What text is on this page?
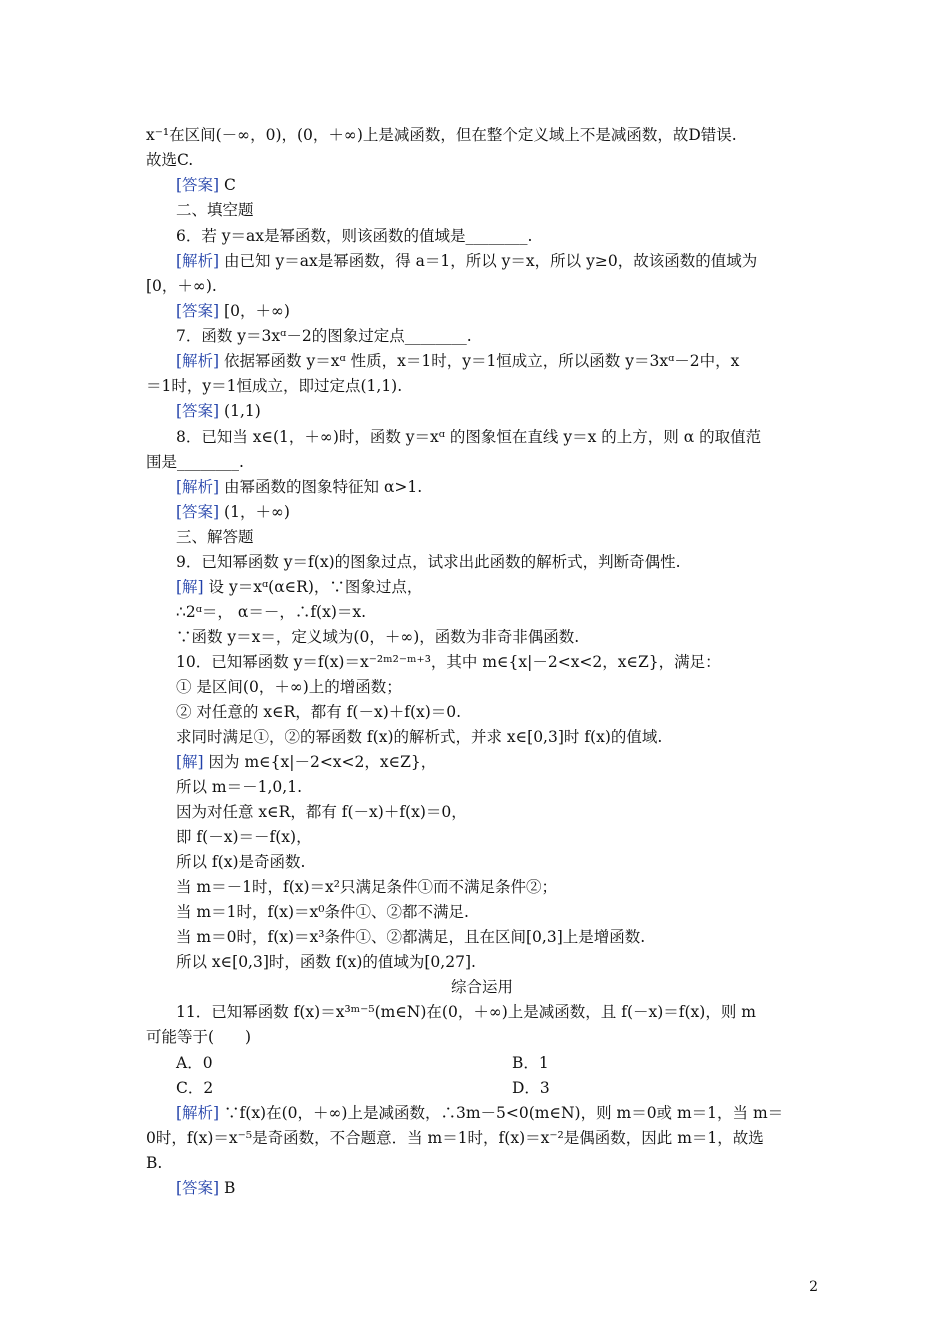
x⁻¹在区间(－∞，0)，(0，＋∞)上是减函数，但在整个定义域上不是减函数，故D错误.
故选C.
[答案] C
二、填空题
6．若 y＝ax是幂函数，则该函数的值域是________.
[解析] 由已知 y＝ax是幂函数，得 a＝1，所以 y＝x，所以 y≥0，故该函数的值域为
[0，＋∞).
[答案] [0，＋∞)
7．函数 y＝3xᵅ－2的图象过定点________.
[解析] 依据幂函数 y＝xᵅ 性质，x＝1时，y＝1恒成立，所以函数 y＝3xᵅ－2中，x
＝1时，y＝1恒成立，即过定点(1,1).
[答案] (1,1)
8．已知当 x∈(1，＋∞)时，函数 y＝xᵅ 的图象恒在直线 y＝x 的上方，则 α 的取值范
围是________.
[解析] 由幂函数的图象特征知 α>1.
[答案] (1，＋∞)
三、解答题
9．已知幂函数 y＝f(x)的图象过点，试求出此函数的解析式，判断奇偶性.
[解] 设 y＝xᵅ(α∈R)，∵图象过点，
∴2ᵅ＝， α＝－，∴f(x)＝x.
∵函数 y＝x＝，定义域为(0，＋∞)，函数为非奇非偶函数.
10．已知幂函数 y＝f(x)＝x⁻²ᵐ²⁻ᵐ⁺³，其中 m∈{x|－2<x<2，x∈Z}，满足：
① 是区间(0，＋∞)上的增函数；
② 对任意的 x∈R，都有 f(－x)＋f(x)＝0.
求同时满足①，②的幂函数 f(x)的解析式，并求 x∈[0,3]时 f(x)的值域.
[解] 因为 m∈{x|－2<x<2，x∈Z}，
所以 m＝－1,0,1.
因为对任意 x∈R，都有 f(－x)＋f(x)＝0，
即 f(－x)＝－f(x)，
所以 f(x)是奇函数.
当 m＝－1时，f(x)＝x²只满足条件①而不满足条件②；
当 m＝1时，f(x)＝x⁰条件①、②都不满足.
当 m＝0时，f(x)＝x³条件①、②都满足，且在区间[0,3]上是增函数.
所以 x∈[0,3]时，函数 f(x)的值域为[0,27].
综合运用
11．已知幂函数 f(x)＝x³ᵐ⁻⁵(m∈N)在(0，＋∞)上是减函数，且 f(－x)＝f(x)，则 m
可能等于(　　)
A．0	B．1
C．2	D．3
[解析] ∵f(x)在(0，＋∞)上是减函数，∴3m－5<0(m∈N)，则 m＝0或 m＝1，当 m＝
0时，f(x)＝x⁻⁵是奇函数，不合题意．当 m＝1时，f(x)＝x⁻²是偶函数，因此 m＝1，故选
B.
[答案] B
2
